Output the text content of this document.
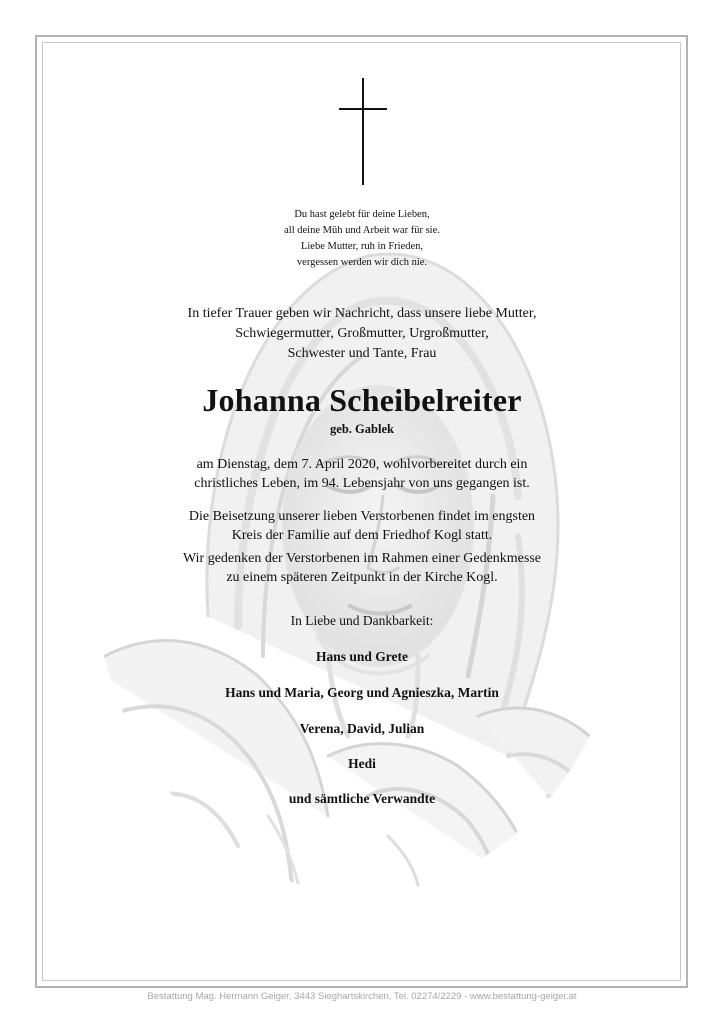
Du hast gelebt für deine Lieben,
all deine Müh und Arbeit war für sie.
Liebe Mutter, ruh in Frieden,
vergessen werden wir dich nie.
In tiefer Trauer geben wir Nachricht, dass unsere liebe Mutter,
Schwiegermutter, Großmutter, Urgroßmutter,
Schwester und Tante, Frau
Johanna Scheibelreiter
geb. Gablek
am Dienstag, dem 7. April 2020, wohlvorbereitet durch ein
christliches Leben, im 94. Lebensjahr von uns gegangen ist.
Die Beisetzung unserer lieben Verstorbenen findet im engsten
Kreis der Familie auf dem Friedhof Kogl statt.
Wir gedenken der Verstorbenen im Rahmen einer Gedenkmesse
zu einem späteren Zeitpunkt in der Kirche Kogl.
In Liebe und Dankbarkeit:
Hans und Grete
Hans und Maria, Georg und Agnieszka, Martin
Verena, David, Julian
Hedi
und sämtliche Verwandte
Bestattung Mag. Hermann Geiger, 3443 Sieghartskirchen, Tel. 02274/2229 - www.bestattung-geiger.at
